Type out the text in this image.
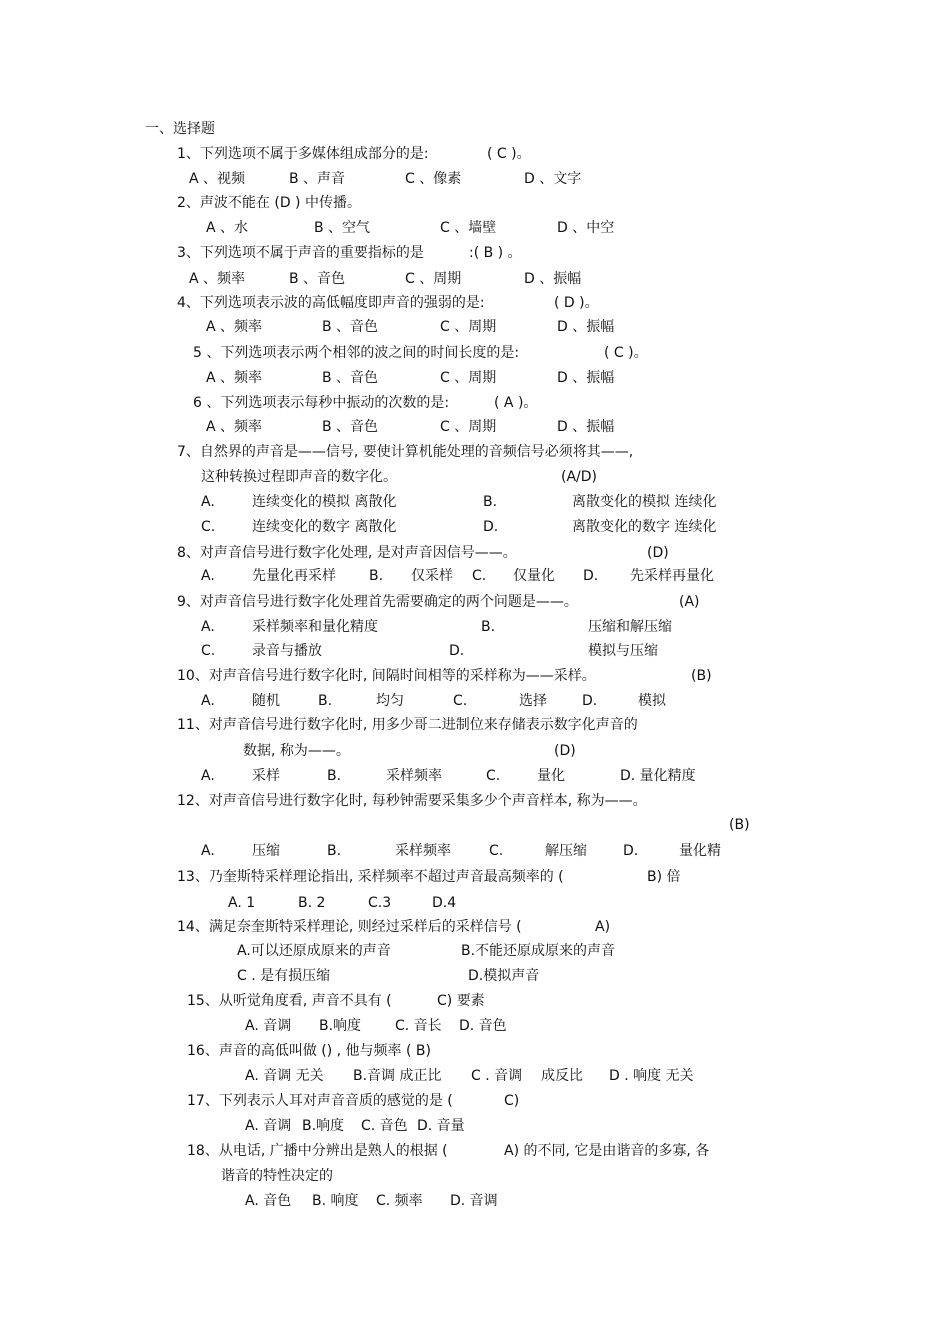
一、选择题
1、下列选项不属于多媒体组成部分的是:	( C )。
A 、视频	B 、声音	C 、像素	D 、文字
2、声波不能在 (D ) 中传播。
A 、水	B 、空气	C 、墙壁	D 、中空
3、下列选项不属于声音的重要指标的是	:( B ) 。
A 、频率	B 、音色	C 、周期	D 、振幅
4、下列选项表示波的高低幅度即声音的强弱的是:	( D )。
A 、频率	B 、音色	C 、周期	D 、振幅
5 、下列选项表示两个相邻的波之间的时间长度的是:	( C )。
A 、频率	B 、音色	C 、周期	D 、振幅
6 、下列选项表示每秒中振动的次数的是:	( A )。
A 、频率	B 、音色	C 、周期	D 、振幅
7、自然界的声音是——信号, 要使计算机能处理的音频信号必须将其——,
这种转换过程即声音的数字化。	(A/D)
A.	连续变化的模拟 离散化	B.	离散变化的模拟 连续化
C.	连续变化的数字 离散化	D.	离散变化的数字 连续化
8、对声音信号进行数字化处理, 是对声音因信号——。	(D)
A.	先量化再采样 B. 仅采样 C. 仅量化 D. 先采样再量化
9、对声音信号进行数字化处理首先需要确定的两个问题是——。	(A)
A.	采样频率和量化精度	B.	压缩和解压缩
C.	录音与播放	D.	模拟与压缩
10、对声音信号进行数字化时, 间隔时间相等的采样称为——采样。	(B)
A.	随机	B.	均匀	C.	选择	D.	模拟
11、对声音信号进行数字化时, 用多少哥二进制位来存储表示数字化声音的
数据, 称为——。	(D)
A.	采样	B.	采样频率	C.	量化	D. 量化精度
12、对声音信号进行数字化时, 每秒钟需要采集多少个声音样本, 称为——。
(B)
A.	压缩	B.	采样频率	C.	解压缩	D.	量化精
13、乃奎斯特采样理论指出, 采样频率不超过声音最高频率的 (	B) 倍
A. 1	B. 2	C.3	D.4
14、满足奈奎斯特采样理论, 则经过采样后的采样信号 (	A)
A.可以还原成原来的声音	B.不能还原成原来的声音
C . 是有损压缩	D.模拟声音
15、从听觉角度看, 声音不具有 (	C) 要素
A. 音调 B.响度 C. 音长 D. 音色
16、声音的高低叫做 () , 他与频率 ( B)
A. 音调 无关 B.音调 成正比 C . 音调 成反比 D . 响度 无关
17、下列表示人耳对声音音质的感觉的是 (	C)
A. 音调 B.响度 C. 音色 D. 音量
18、从电话, 广播中分辨出是熟人的根据 (	A) 的不同, 它是由谐音的多寡, 各
谐音的特性决定的
A. 音色 B. 响度 C. 频率 D. 音调
